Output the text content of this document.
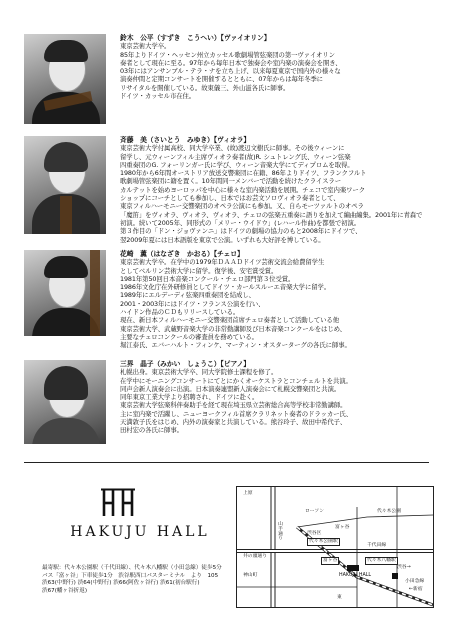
鈴木　公平（すずき　こうへい）【ヴァイオリン】

東京芸術大学卒。

85年よりドイツ・ヘッセン州立カッセル歌劇場管弦楽団の第一ヴァイオリン

奏者として現在に至る。97年から毎年日本で独奏会や室内楽の演奏会を開き、

03年にはアンサンブル・テラ・ナを立ち上げ、以来毎夏東京で国内外の様々な

演奏仲間と定期コンサートを開催するとともに、07年からは毎年冬季に

リサイタルを開催している。故東儀三、外山滋各氏に師事。

ドイツ・カッセル市在住。

斉藤　美（さいとう　みゆき）【ヴィオラ】

東京芸術大学付属高校、同大学卒業、(故)渡辺文樹氏に師事。その後ウィーンに

留学し、元ウィーンフィル主席ヴィオラ奏者(故)R. シュトレング氏、ウィーン弦楽

四重奏団のG. フォーリンガー氏に学び、ウィーン音楽大学にてディプロムを取得。

1980年から6年間オーストリア放送交響楽団に在籍、86年よりドイツ、フランクフルト

歌劇場管弦楽団に籍を置く。10年間同一メンバーで活動を続けたクライスラー

カルテットを始めヨーロッパを中心に様々な室内楽活動を展開。チェコで室内楽ワーク

ショップにコーチとしても参加し、日本ではお芸文ソロヴィオラ奏者として、

東京フィルハーモニー交響楽団のオペラ公演にも参加。又、自らモーツァルトのオペラ

「魔笛」をヴィオラ、ヴィオラ、ヴィオラ、チェロの弦楽五重奏に語りを加えて編曲編集。2001年に青森で

初演。続いて2005年、同形式の「メリー・ウイドウ」(レハール作曲)を都張で初演。

第３作目の「ドン・ジョヴァンニ」はドイツの劇場の協力のもと2008年にドイツで、

翌2009年夏には日本語版を東京で公演。いずれも大好評を博している。

花崎　薫（はなざき　かおる）【チェロ】

東京芸術大学卒。在学中の1979年ＤＡＡＤドイツ芸術交流会給費留学生

としてベルリン芸術大学に留学。復学後、安宅賞受賞。

1981年第50回日本音楽コンクール・チェロ部門第３位受賞。

1986年文化庁在外研修員としてドイツ・カールスルーエ音楽大学に留学。

1989年にエルデーディ弦楽四重奏団を結成し、

2001・2003年にはドイツ・フランス公演を行い、

ハイドン作品のＣＤもリリースしている。

現在、新日本フィルハーモニー交響楽団首席チェロ奏者として活動している他

東京芸術大学、武蔵野音楽大学の非常勤講師及び日本音楽コンクールをはじめ、

主要なチェロコンクールの審査員を務めている。

堀江泰氏、エバーハルト・フィンケ、マーティン・オスターターグの各氏に師事。

三界　晶子（みかい　しょうこ）【ピアノ】

札幌出身。東京芸術大学卒、同大学院修士課程を修了。

在学中にモーニングコンサートにてとにかくオーケストラとコンチェルトを共演。

同声会新人演奏会に出演。日本演奏連盟新人演奏会にて札幌交響楽団と共演。

同年東京工業大学より招聘され、ドイツに赴く。

東京芸術大学弦楽科伴奏助手を経て現在埼玉県立芸術総合高等学校非常勤講師。

主に室内楽で活躍し、ニューヨークフィル首席クラリネット奏者のドラッカー氏、

天満敦子氏をはじめ、内外の演奏家と共演している。熊谷玲子、故田中希代子、

田村宏の各氏に師事。

HAKUJU HALL

最寄駅：代々木公園駅（千代田線）、代々木八幡駅（小田急線）徒歩5分

バス「富ヶ谷」下車徒歩1分　渋谷駅西口バスターミナル　より　105

渋63(中野行) 渋64(中野行) 渋66(阿佐ヶ谷行) 渋61(初台駅行)

渋67(幡ヶ谷折返)

上原
山手通り
神山町
ローソン
富ヶ谷
渋谷区
代々木公園駅
千代田線
代々木公園
井の頭通り
代々木八幡駅
小田急線
渋谷→
←新宿
HAKUJU HALL
富ヶ谷
東
